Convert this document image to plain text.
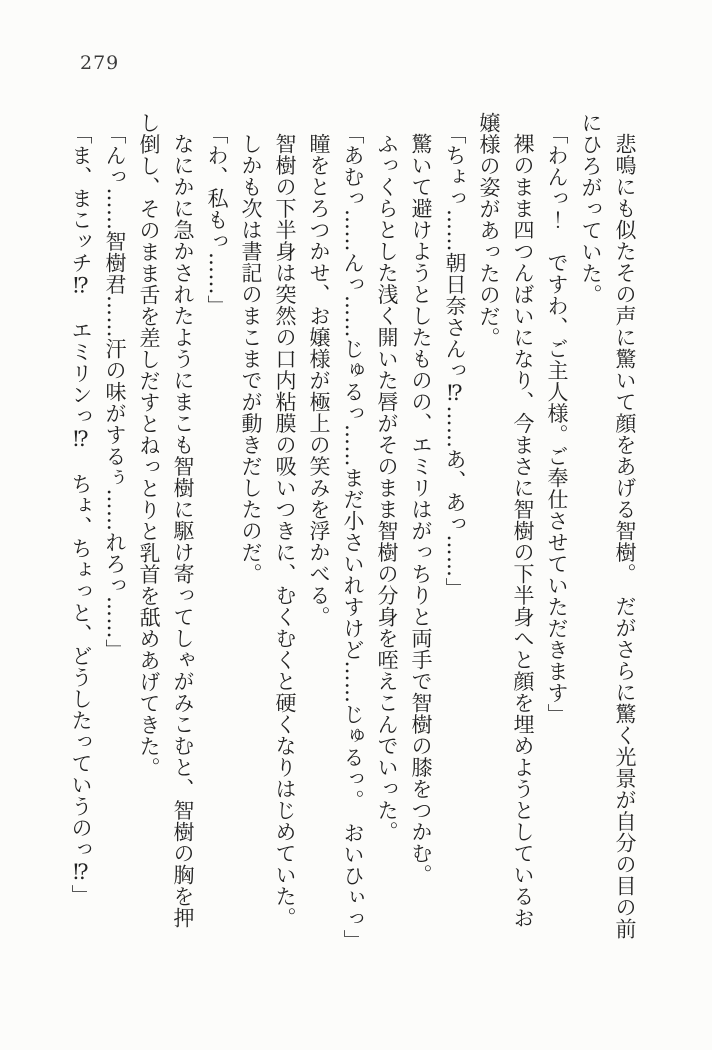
279

悲鳴にも似たその声に驚いて顔をあげる智樹。　だがさらに驚く光景が自分の目の前

にひろがっていた。

「わんっ！　ですわ、ご主人様。ご奉仕させていただきます」

裸のまま四つんばいになり、今まさに智樹の下半身へと顔を埋めようとしているお

嬢様の姿があったのだ。

「ちょっ……朝日奈さんっ⁉……あ、あっ……」

驚いて避けようとしたものの、エミリはがっちりと両手で智樹の膝をつかむ。

ふっくらとした浅く開いた唇がそのまま智樹の分身を咥えこんでいった。

「あむっ……んっ……じゅるっ……まだ小さいれすけど……じゅるっ。　おいひぃっ」

瞳をとろつかせ、お嬢様が極上の笑みを浮かべる。

智樹の下半身は突然の口内粘膜の吸いつきに、むくむくと硬くなりはじめていた。

しかも次は書記のまこまでが動きだしたのだ。

「わ、私もっ……」

なにかに急かされたようにまこも智樹に駆け寄ってしゃがみこむと、智樹の胸を押

し倒し、そのまま舌を差しだすとねっとりと乳首を舐めあげてきた。

「んっ……智樹君……汗の味がするぅ……れろっ……」

「ま、まこッチ⁉　エミリンっ⁉　ちょ、ちょっと、どうしたっていうのっ⁉」
